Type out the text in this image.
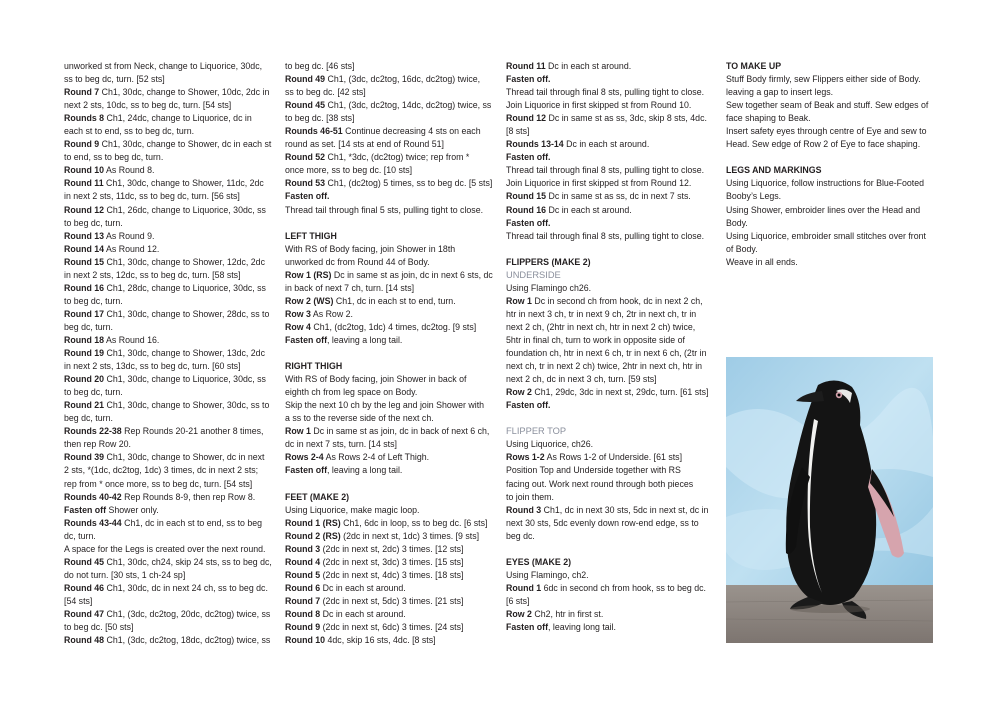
unworked st from Neck, change to Liquorice, 30dc,
ss to beg dc, turn. [52 sts]
Round 7 Ch1, 30dc, change to Shower, 10dc, 2dc in
next 2 sts, 10dc, ss to beg dc, turn. [54 sts]
Rounds 8 Ch1, 24dc, change to Liquorice, dc in
each st to end, ss to beg dc, turn.
Round 9 Ch1, 30dc, change to Shower, dc in each st
to end, ss to beg dc, turn.
Round 10 As Round 8.
Round 11 Ch1, 30dc, change to Shower, 11dc, 2dc
in next 2 sts, 11dc, ss to beg dc, turn. [56 sts]
Round 12 Ch1, 26dc, change to Liquorice, 30dc, ss
to beg dc, turn.
Round 13 As Round 9.
Round 14 As Round 12.
Round 15 Ch1, 30dc, change to Shower, 12dc, 2dc
in next 2 sts, 12dc, ss to beg dc, turn. [58 sts]
Round 16 Ch1, 28dc, change to Liquorice, 30dc, ss
to beg dc, turn.
Round 17 Ch1, 30dc, change to Shower, 28dc, ss to
beg dc, turn.
Round 18 As Round 16.
Round 19 Ch1, 30dc, change to Shower, 13dc, 2dc
in next 2 sts, 13dc, ss to beg dc, turn. [60 sts]
Round 20 Ch1, 30dc, change to Liquorice, 30dc, ss
to beg dc, turn.
Round 21 Ch1, 30dc, change to Shower, 30dc, ss to
beg dc, turn.
Rounds 22-38 Rep Rounds 20-21 another 8 times,
then rep Row 20.
Round 39 Ch1, 30dc, change to Shower, dc in next
2 sts, *(1dc, dc2tog, 1dc) 3 times, dc in next 2 sts;
rep from * once more, ss to beg dc, turn. [54 sts]
Rounds 40-42 Rep Rounds 8-9, then rep Row 8.
Fasten off Shower only.
Rounds 43-44 Ch1, dc in each st to end, ss to beg
dc, turn.
A space for the Legs is created over the next round.
Round 45 Ch1, 30dc, ch24, skip 24 sts, ss to beg dc,
do not turn. [30 sts, 1 ch-24 sp]
Round 46 Ch1, 30dc, dc in next 24 ch, ss to beg dc.
[54 sts]
Round 47 Ch1, (3dc, dc2tog, 20dc, dc2tog) twice, ss
to beg dc. [50 sts]
Round 48 Ch1, (3dc, dc2tog, 18dc, dc2tog) twice, ss
to beg dc. [46 sts]
Round 49 Ch1, (3dc, dc2tog, 16dc, dc2tog) twice,
ss to beg dc. [42 sts]
Round 45 Ch1, (3dc, dc2tog, 14dc, dc2tog) twice, ss
to beg dc. [38 sts]
Rounds 46-51 Continue decreasing 4 sts on each
round as set. [14 sts at end of Round 51]
Round 52 Ch1, *3dc, (dc2tog) twice; rep from *
once more, ss to beg dc. [10 sts]
Round 53 Ch1, (dc2tog) 5 times, ss to beg dc. [5 sts]
Fasten off.
Thread tail through final 5 sts, pulling tight to close.
LEFT THIGH
With RS of Body facing, join Shower in 18th
unworked dc from Round 44 of Body.
Row 1 (RS) Dc in same st as join, dc in next 6 sts, dc
in back of next 7 ch, turn. [14 sts]
Row 2 (WS) Ch1, dc in each st to end, turn.
Row 3 As Row 2.
Row 4 Ch1, (dc2tog, 1dc) 4 times, dc2tog. [9 sts]
Fasten off, leaving a long tail.
RIGHT THIGH
With RS of Body facing, join Shower in back of
eighth ch from leg space on Body.
Skip the next 10 ch by the leg and join Shower with
a ss to the reverse side of the next ch.
Row 1 Dc in same st as join, dc in back of next 6 ch,
dc in next 7 sts, turn. [14 sts]
Rows 2-4 As Rows 2-4 of Left Thigh.
Fasten off, leaving a long tail.
FEET (MAKE 2)
Using Liquorice, make magic loop.
Round 1 (RS) Ch1, 6dc in loop, ss to beg dc. [6 sts]
Round 2 (RS) (2dc in next st, 1dc) 3 times. [9 sts]
Round 3 (2dc in next st, 2dc) 3 times. [12 sts]
Round 4 (2dc in next st, 3dc) 3 times. [15 sts]
Round 5 (2dc in next st, 4dc) 3 times. [18 sts]
Round 6 Dc in each st around.
Round 7 (2dc in next st, 5dc) 3 times. [21 sts]
Round 8 Dc in each st around.
Round 9 (2dc in next st, 6dc) 3 times. [24 sts]
Round 10 4dc, skip 16 sts, 4dc. [8 sts]
Round 11 Dc in each st around.
Fasten off.
Thread tail through final 8 sts, pulling tight to close.
Join Liquorice in first skipped st from Round 10.
Round 12 Dc in same st as ss, 3dc, skip 8 sts, 4dc.
[8 sts]
Rounds 13-14 Dc in each st around.
Fasten off.
Thread tail through final 8 sts, pulling tight to close.
Join Liquorice in first skipped st from Round 12.
Round 15 Dc in same st as ss, dc in next 7 sts.
Round 16 Dc in each st around.
Fasten off.
Thread tail through final 8 sts, pulling tight to close.
FLIPPERS (MAKE 2)
UNDERSIDE
Using Flamingo ch26.
Row 1 Dc in second ch from hook, dc in next 2 ch,
htr in next 3 ch, tr in next 9 ch, 2tr in next ch, tr in
next 2 ch, (2htr in next ch, htr in next 2 ch) twice,
5htr in final ch, turn to work in opposite side of
foundation ch, htr in next 6 ch, tr in next 6 ch, (2tr in
next ch, tr in next 2 ch) twice, 2htr in next ch, htr in
next 2 ch, dc in next 3 ch, turn. [59 sts]
Row 2 Ch1, 29dc, 3dc in next st, 29dc, turn. [61 sts]
Fasten off.
FLIPPER TOP
Using Liquorice, ch26.
Rows 1-2 As Rows 1-2 of Underside. [61 sts]
Position Top and Underside together with RS
facing out. Work next round through both pieces
to join them.
Round 3 Ch1, dc in next 30 sts, 5dc in next st, dc in
next 30 sts, 5dc evenly down row-end edge, ss to
beg dc.
EYES (MAKE 2)
Using Flamingo, ch2.
Round 1 6dc in second ch from hook, ss to beg dc.
[6 sts]
Row 2 Ch2, htr in first st.
Fasten off, leaving long tail.
TO MAKE UP
Stuff Body firmly, sew Flippers either side of Body.
leaving a gap to insert legs.
Sew together seam of Beak and stuff. Sew edges of
face shaping to Beak.
Insert safety eyes through centre of Eye and sew to
Head. Sew edge of Row 2 of Eye to face shaping.
LEGS AND MARKINGS
Using Liquorice, follow instructions for Blue-Footed
Booby’s Legs.
Using Shower, embroider lines over the Head and
Body.
Using Liquorice, embroider small stitches over front
of Body.
Weave in all ends.
